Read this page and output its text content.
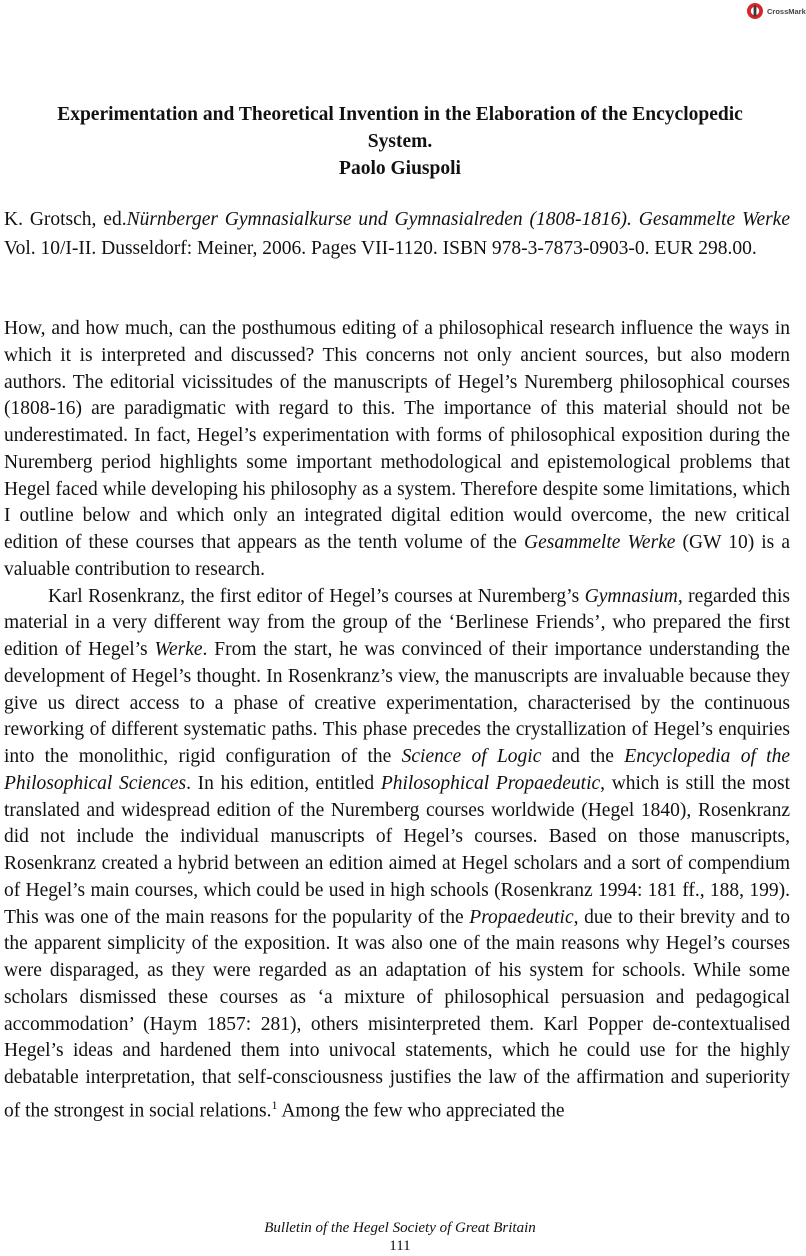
CrossMark
Experimentation and Theoretical Invention in the Elaboration of the Encyclopedic
System.
Paolo Giuspoli
K. Grotsch, ed.Nürnberger Gymnasialkurse und Gymnasialreden (1808-1816). Gesammelte Werke Vol. 10/I-II. Dusseldorf: Meiner, 2006. Pages VII-1120. ISBN 978-3-7873-0903-0. EUR 298.00.

How, and how much, can the posthumous editing of a philosophical research influence the ways in which it is interpreted and discussed? This concerns not only ancient sources, but also modern authors. The editorial vicissitudes of the manuscripts of Hegel’s Nuremberg philosophical courses (1808-16) are paradigmatic with regard to this. The importance of this material should not be underestimated. In fact, Hegel’s experimentation with forms of philosophical exposition during the Nuremberg period highlights some important methodological and epistemological problems that Hegel faced while developing his philosophy as a system. Therefore despite some limitations, which I outline below and which only an integrated digital edition would overcome, the new critical edition of these courses that appears as the tenth volume of the Gesammelte Werke (GW 10) is a valuable contribution to research.

Karl Rosenkranz, the first editor of Hegel’s courses at Nuremberg’s Gymnasium, regarded this material in a very different way from the group of the ‘Berlinese Friends’, who prepared the first edition of Hegel’s Werke. From the start, he was convinced of their importance understanding the development of Hegel’s thought. In Rosenkranz’s view, the manuscripts are invaluable because they give us direct access to a phase of creative experimentation, characterised by the continuous reworking of different systematic paths. This phase precedes the crystallization of Hegel’s enquiries into the monolithic, rigid configuration of the Science of Logic and the Encyclopedia of the Philosophical Sciences. In his edition, entitled Philosophical Propaedeutic, which is still the most translated and widespread edition of the Nuremberg courses worldwide (Hegel 1840), Rosenkranz did not include the individual manuscripts of Hegel’s courses. Based on those manuscripts, Rosenkranz created a hybrid between an edition aimed at Hegel scholars and a sort of compendium of Hegel’s main courses, which could be used in high schools (Rosenkranz 1994: 181 ff., 188, 199). This was one of the main reasons for the popularity of the Propaedeutic, due to their brevity and to the apparent simplicity of the exposition. It was also one of the main reasons why Hegel’s courses were disparaged, as they were regarded as an adaptation of his system for schools. While some scholars dismissed these courses as ‘a mixture of philosophical persuasion and pedagogical accommodation’ (Haym 1857: 281), others misinterpreted them. Karl Popper de-contextualised Hegel’s ideas and hardened them into univocal statements, which he could use for the highly debatable interpretation, that self-consciousness justifies the law of the affirmation and superiority of the strongest in social relations.$^1$ Among the few who appreciated the

Bulletin of the Hegel Society of Great Britain
111
